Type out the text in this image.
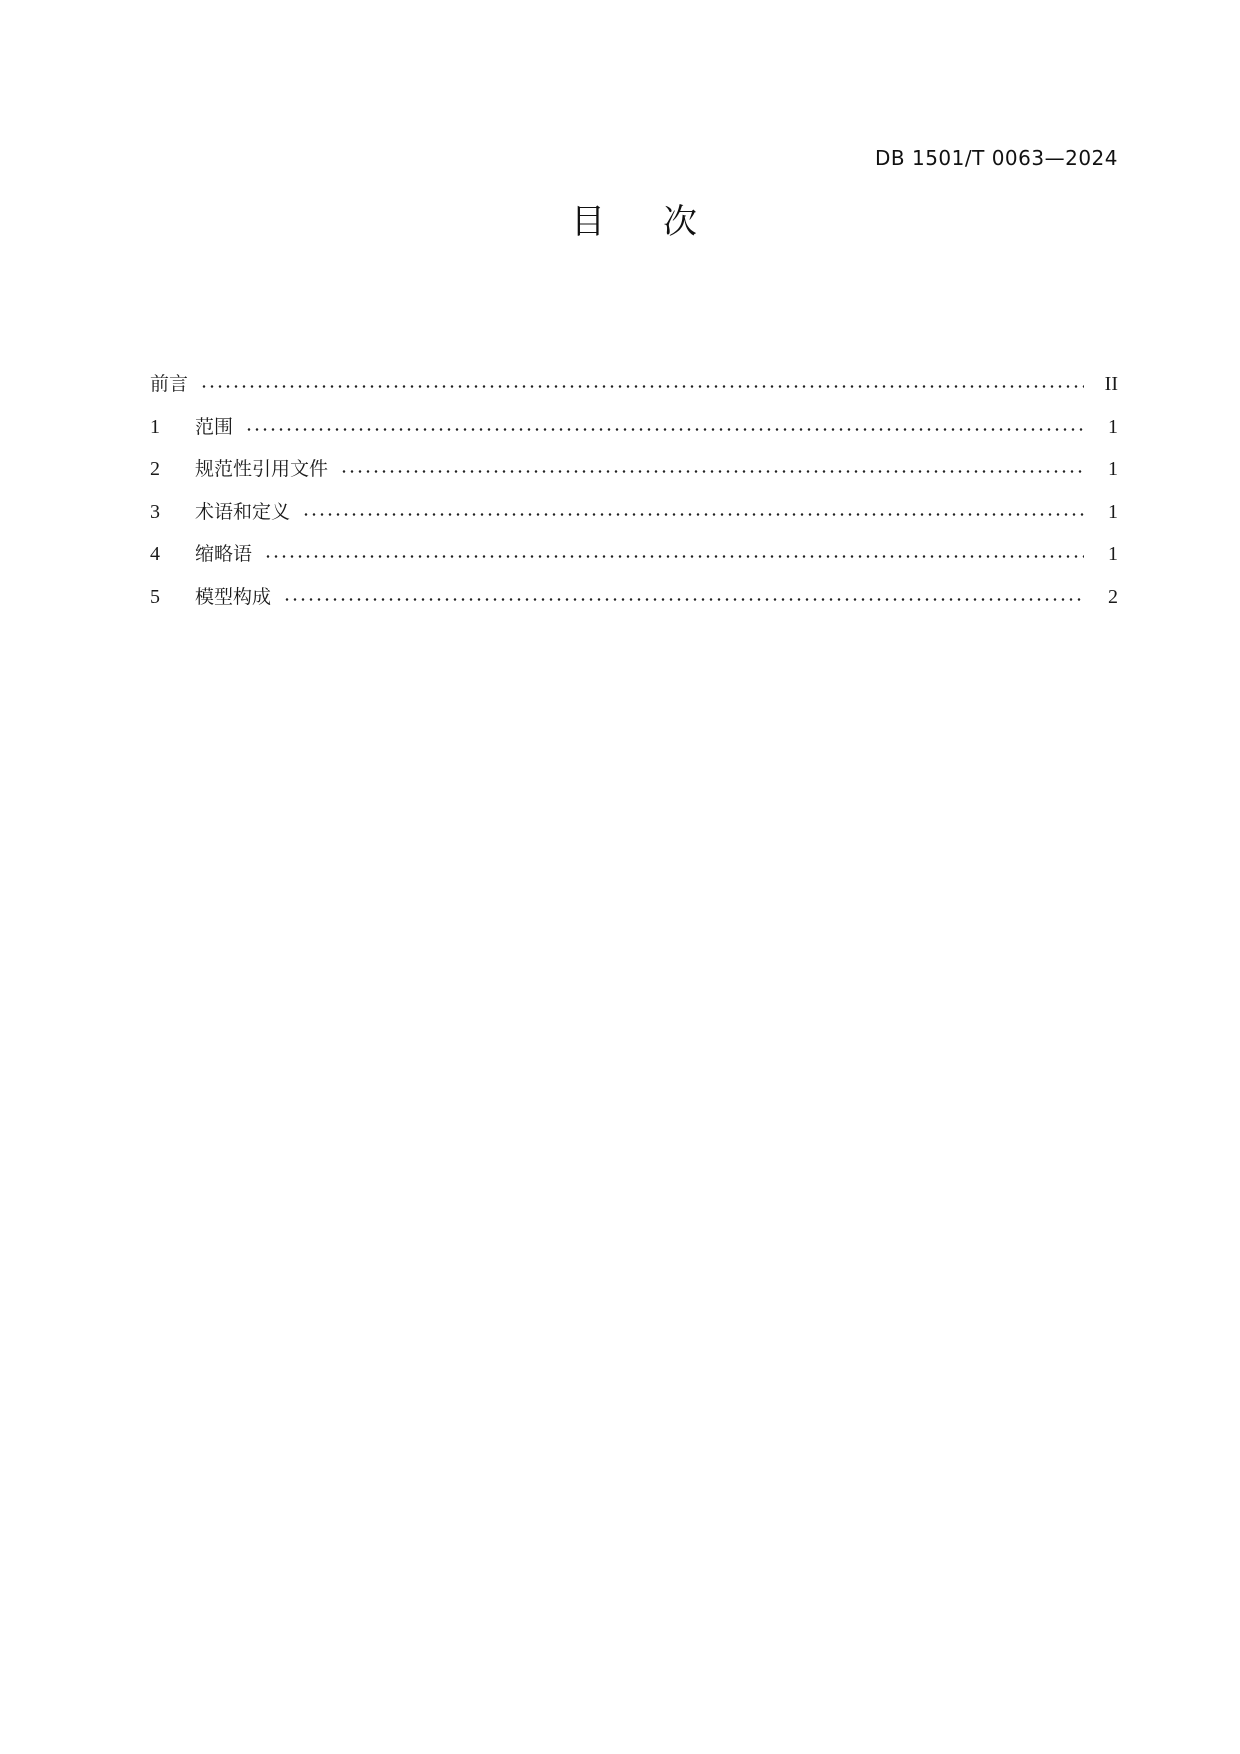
DB 1501/T 0063—2024
目次
前言	II
1	范围	1
2	规范性引用文件	1
3	术语和定义	1
4	缩略语	1
5	模型构成	2
